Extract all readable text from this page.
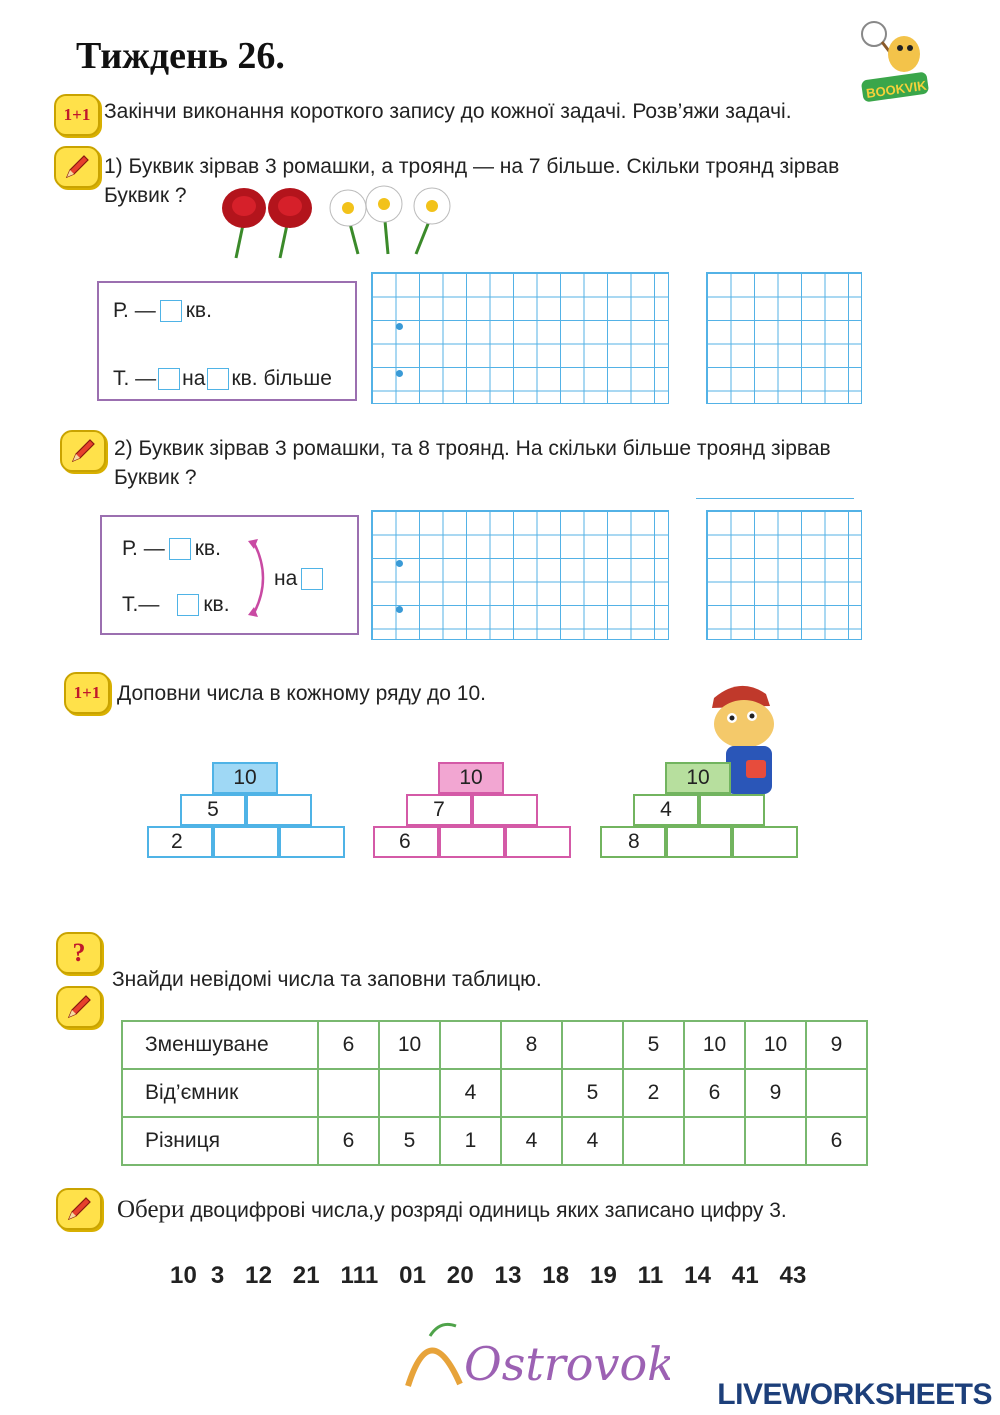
Тиждень 26.
BOOKVIK
1+1 Закінчи виконання короткого запису до кожної задачі. Розв’яжи задачі.
1) Буквик зірвав 3 ромашки, а троянд — на 7 більше. Скільки троянд зірвав
Буквик ?
Р. — кв.
Т. — на кв. більше
2) Буквик зірвав 3 ромашки, та 8 троянд. На скільки більше троянд зірвав
Буквик ?
Р. — кв.
Т.— кв.
на
1+1 Доповни числа в кожному ряду до 10.
10
5
2
10
7
6
10
4
8
?
Знайди невідомі числа та заповни таблицю.
Зменшуване	6	10		8		5	10	10	9
Від’ємник			4		5	2	6	9	
Різниця	6	5	1	4	4				6
Обери двоцифрові числа,у розряді одиниць яких записано цифру 3.
10 3 12 21 111 01 20 13 18 19 11 14 41 43
Ostrovok
LIVEWORKSHEETS
